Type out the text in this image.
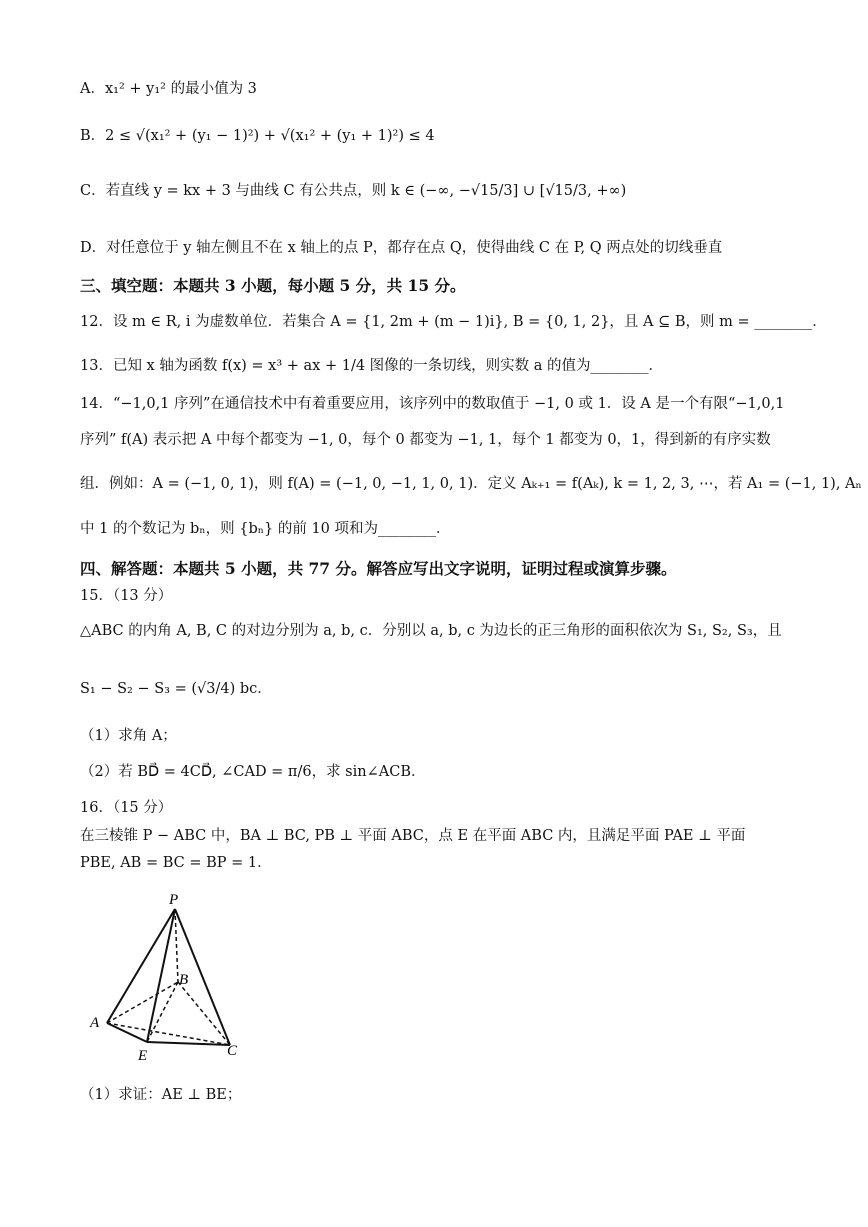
A．x₁² + y₁² 的最小值为 3
B．2 ≤ √(x₁² + (y₁ − 1)²) + √(x₁² + (y₁ + 1)²) ≤ 4
C．若直线 y = kx + 3 与曲线 C 有公共点，则 k ∈ (−∞, −√15/3] ∪ [√15/3, +∞)
D．对任意位于 y 轴左侧且不在 x 轴上的点 P，都存在点 Q，使得曲线 C 在 P, Q 两点处的切线垂直
三、填空题：本题共 3 小题，每小题 5 分，共 15 分。
12．设 m ∈ R, i 为虚数单位．若集合 A = {1, 2m + (m − 1)i}, B = {0, 1, 2}，且 A ⊆ B，则 m = ________．
13．已知 x 轴为函数 f(x) = x³ + ax + 1/4 图像的一条切线，则实数 a 的值为________．
14．“−1,0,1 序列”在通信技术中有着重要应用，该序列中的数取值于 −1, 0 或 1．设 A 是一个有限“−1,0,1
序列” f(A) 表示把 A 中每个都变为 −1, 0，每个 0 都变为 −1, 1，每个 1 都变为 0，1，得到新的有序实数
组．例如：A = (−1, 0, 1)，则 f(A) = (−1, 0, −1, 1, 0, 1)．定义 Aₖ₊₁ = f(Aₖ), k = 1, 2, 3, ⋯，若 A₁ = (−1, 1), Aₙ
中 1 的个数记为 bₙ，则 {bₙ} 的前 10 项和为________．
四、解答题：本题共 5 小题，共 77 分。解答应写出文字说明，证明过程或演算步骤。
15．（13 分）
△ABC 的内角 A, B, C 的对边分别为 a, b, c．分别以 a, b, c 为边长的正三角形的面积依次为 S₁, S₂, S₃，且
S₁ − S₂ − S₃ = (√3/4) bc．
（1）求角 A；
（2）若 BD⃗ = 4CD⃗, ∠CAD = π/6，求 sin∠ACB．
16．（15 分）
在三棱锥 P − ABC 中，BA ⊥ BC, PB ⊥ 平面 ABC，点 E 在平面 ABC 内，且满足平面 PAE ⊥ 平面
PBE, AB = BC = BP = 1．
P
B
A
E	C
（1）求证：AE ⊥ BE；
